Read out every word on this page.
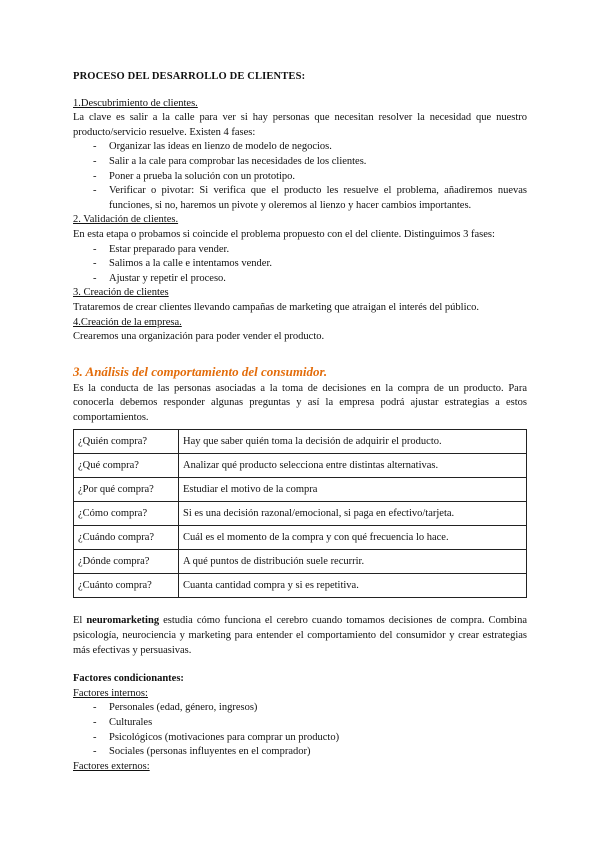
PROCESO DEL DESARROLLO DE CLIENTES:

1.Descubrimiento de clientes.

La clave es salir a la calle para ver si hay personas que necesitan resolver la necesidad que nuestro producto/servicio resuelve. Existen 4 fases:

- Organizar las ideas en lienzo de modelo de negocios.
- Salir a la cale para comprobar las necesidades de los clientes.
- Poner a prueba la solución con un prototipo.
- Verificar o pivotar: Si verifica que el producto les resuelve el problema, añadiremos nuevas funciones, si no, haremos un pivote y oleremos al lienzo y hacer cambios importantes.

2. Validación de clientes.

En esta etapa o probamos si coincide el problema propuesto con el del cliente. Distinguimos 3 fases:

- Estar preparado para vender.
- Salimos a la calle e intentamos vender.
- Ajustar y repetir el proceso.

3. Creación de clientes

Trataremos de crear clientes llevando campañas de marketing que atraigan el interés del público.

4.Creación de la empresa.

Crearemos una organización para poder vender el producto.

3. Análisis del comportamiento del consumidor.

Es la conducta de las personas asociadas a la toma de decisiones en la compra de un producto. Para conocerla debemos responder algunas preguntas y así la empresa podrá ajustar estrategias a estos comportamientos.

¿Quién compra?	Hay que saber quién toma la decisión de adquirir el producto.
¿Qué compra?	Analizar qué producto selecciona entre distintas alternativas.
¿Por qué compra?	Estudiar el motivo de la compra
¿Cómo compra?	Si es una decisión razonal/emocional, si paga en efectivo/tarjeta.
¿Cuándo compra?	Cuál es el momento de la compra y con qué frecuencia lo hace.
¿Dónde compra?	A qué puntos de distribución suele recurrir.
¿Cuánto compra?	Cuanta cantidad compra y si es repetitiva.

El neuromarketing estudia cómo funciona el cerebro cuando tomamos decisiones de compra. Combina psicología, neurociencia y marketing para entender el comportamiento del consumidor y crear estrategias más efectivas y persuasivas.

Factores condicionantes:

Factores internos:

- Personales (edad, género, ingresos)
- Culturales
- Psicológicos (motivaciones para comprar un producto)
- Sociales (personas influyentes en el comprador)

Factores externos:
